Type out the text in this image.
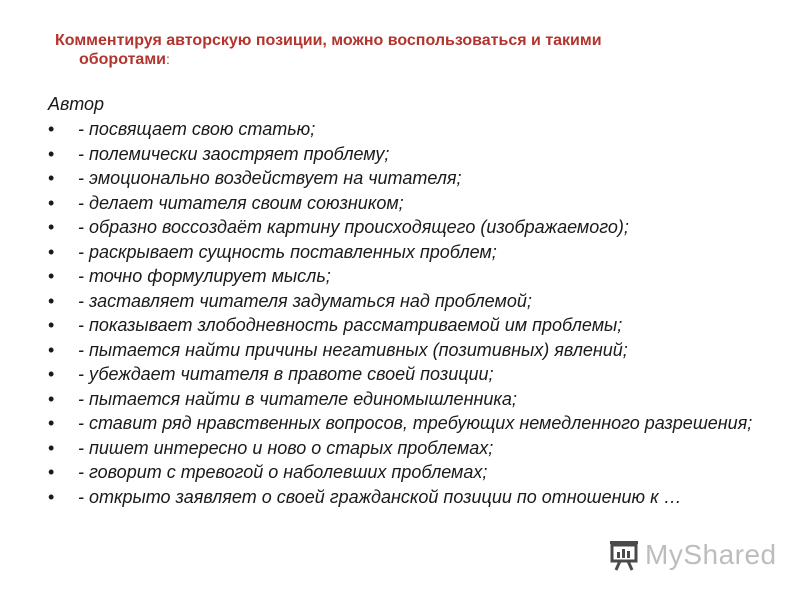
Комментируя авторскую позиции, можно воспользоваться и такими
оборотами:
Автор
• - посвящает свою статью;
• - полемически заостряет проблему;
• - эмоционально воздействует на читателя;
• - делает читателя своим союзником;
• - образно воссоздаёт картину происходящего (изображаемого);
• - раскрывает сущность поставленных проблем;
• - точно формулирует мысль;
• - заставляет читателя задуматься над проблемой;
• - показывает злободневность рассматриваемой им проблемы;
• - пытается найти причины негативных (позитивных) явлений;
• - убеждает читателя в правоте своей позиции;
• - пытается найти в читателе единомышленника;
• - ставит ряд нравственных вопросов, требующих немедленного разрешения;
• - пишет интересно и ново о старых проблемах;
• - говорит с тревогой о наболевших проблемах;
• - открыто заявляет о своей гражданской позиции по отношению к …
MyShared
